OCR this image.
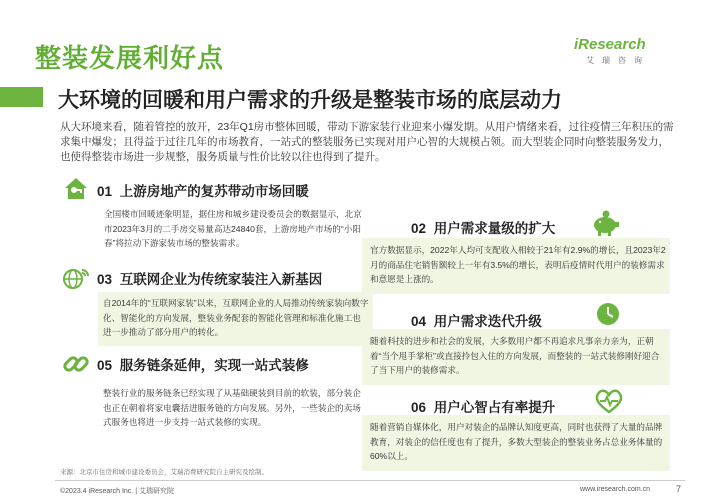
整装发展利好点
大环境的回暖和用户需求的升级是整装市场的底层动力
iResearch
艾瑞咨询
从大环境来看，随着管控的放开，23年Q1房市整体回暖，带动下游家装行业迎来小爆发期。从用户情绪来看，过往疫情三年积压的需求集中爆发；且得益于过往几年的市场教育，一站式的整装服务已实现对用户心智的大规模占领。而大型装企同时向整装服务发力，也使得整装市场进一步规整，服务质量与性价比较以往也得到了提升。
01 上游房地产的复苏带动市场回暖
全国楼市回暖迹象明显，据住房和城乡建设委员会的数据显示，北京市2023年3月的二手房交易量高达24840套，上游房地产市场的“小阳春”将拉动下游家装市场的整装需求。
02 用户需求量级的扩大
官方数据显示，2022年人均可支配收入相较于21年有2.9%的增长，且2023年2月的商品住宅销售额较上一年有3.5%的增长，表明后疫情时代用户的装修需求和意愿是上涨的。
03 互联网企业为传统家装注入新基因
自2014年的“互联网家装”以来，互联网企业的人局推动传统家装向数字化、智能化的方向发展，整装业务配套的智能化管理和标准化施工也进一步推动了部分用户的转化。
04 用户需求迭代升级
随着科技的进步和社会的发展，大多数用户都不再追求凡事亲力亲为，正朝着“当个甩手掌柜”或直接拎包入住的方向发展，而整装的一站式装修刚好迎合了当下用户的装修需求。
05 服务链条延伸，实现一站式装修
整装行业的服务链条已经实现了从基础硬装到目前的软装，部分装企也正在朝着将家电囊括进服务链的方向发展。另外，一些装企的卖场式服务也将进一步支持一站式装修的实现。
06 用户心智占有率提升
随着营销自媒体化，用户对装企的品牌认知度更高，同时也获得了大量的品牌教育，对装企的信任度也有了提升，多数大型装企的整装业务占总业务体量的60%以上。
来源：北京市住房和城市建设委员会，艾瑞消费研究院自主研究及绘制。
©2023.4 iResearch Inc. | 艾瑞研究院	www.iresearch.com.cn	7
